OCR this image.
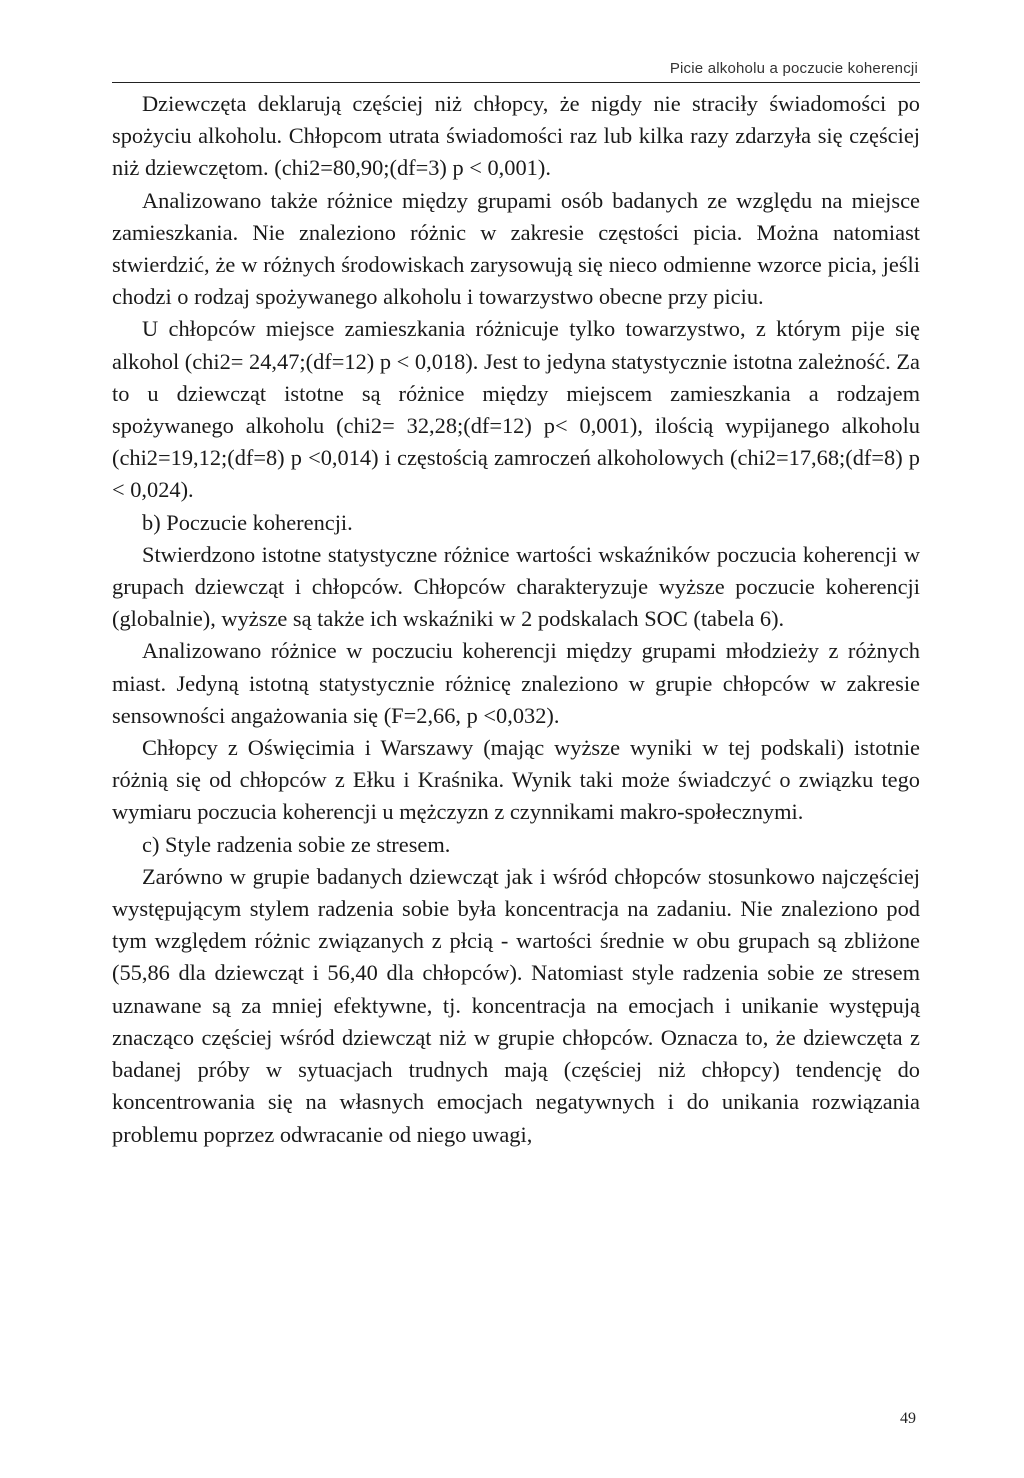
Picie alkoholu a poczucie koherencji

Dziewczęta deklarują częściej niż chłopcy, że nigdy nie straciły świadomości po spożyciu alkoholu. Chłopcom utrata świadomości raz lub kilka razy zdarzyła się częściej niż dziewczętom. (chi2=80,90;(df=3) p < 0,001).

Analizowano także różnice między grupami osób badanych ze względu na miejsce zamieszkania. Nie znaleziono różnic w zakresie częstości picia. Można natomiast stwierdzić, że w różnych środowiskach zarysowują się nieco odmienne wzorce picia, jeśli chodzi o rodzaj spożywanego alkoholu i towarzystwo obecne przy piciu.

U chłopców miejsce zamieszkania różnicuje tylko towarzystwo, z którym pije się alkohol (chi2= 24,47;(df=12) p < 0,018). Jest to jedyna statystycznie istotna zależność. Za to u dziewcząt istotne są różnice między miejscem zamieszkania a rodzajem spożywanego alkoholu (chi2= 32,28;(df=12) p< 0,001), ilością wypijanego alkoholu (chi2=19,12;(df=8) p <0,014) i częstością zamroczeń alkoholowych (chi2=17,68;(df=8) p < 0,024).

b) Poczucie koherencji.

Stwierdzono istotne statystyczne różnice wartości wskaźników poczucia koherencji w grupach dziewcząt i chłopców. Chłopców charakteryzuje wyższe poczucie koherencji (globalnie), wyższe są także ich wskaźniki w 2 podskalach SOC (tabela 6).

Analizowano różnice w poczuciu koherencji między grupami młodzieży z różnych miast. Jedyną istotną statystycznie różnicę znaleziono w grupie chłopców w zakresie sensowności angażowania się (F=2,66, p <0,032).

Chłopcy z Oświęcimia i Warszawy (mając wyższe wyniki w tej podskali) istotnie różnią się od chłopców z Ełku i Kraśnika. Wynik taki może świadczyć o związku tego wymiaru poczucia koherencji u mężczyzn z czynnikami makro-społecznymi.

c) Style radzenia sobie ze stresem.

Zarówno w grupie badanych dziewcząt jak i wśród chłopców stosunkowo najczęściej występującym stylem radzenia sobie była koncentracja na zadaniu. Nie znaleziono pod tym względem różnic związanych z płcią - wartości średnie w obu grupach są zbliżone (55,86 dla dziewcząt i 56,40 dla chłopców). Natomiast style radzenia sobie ze stresem uznawane są za mniej efektywne, tj. koncentracja na emocjach i unikanie występują znacząco częściej wśród dziewcząt niż w grupie chłopców. Oznacza to, że dziewczęta z badanej próby w sytuacjach trudnych mają (częściej niż chłopcy) tendencję do koncentrowania się na własnych emocjach negatywnych i do unikania rozwiązania problemu poprzez odwracanie od niego uwagi,

49
